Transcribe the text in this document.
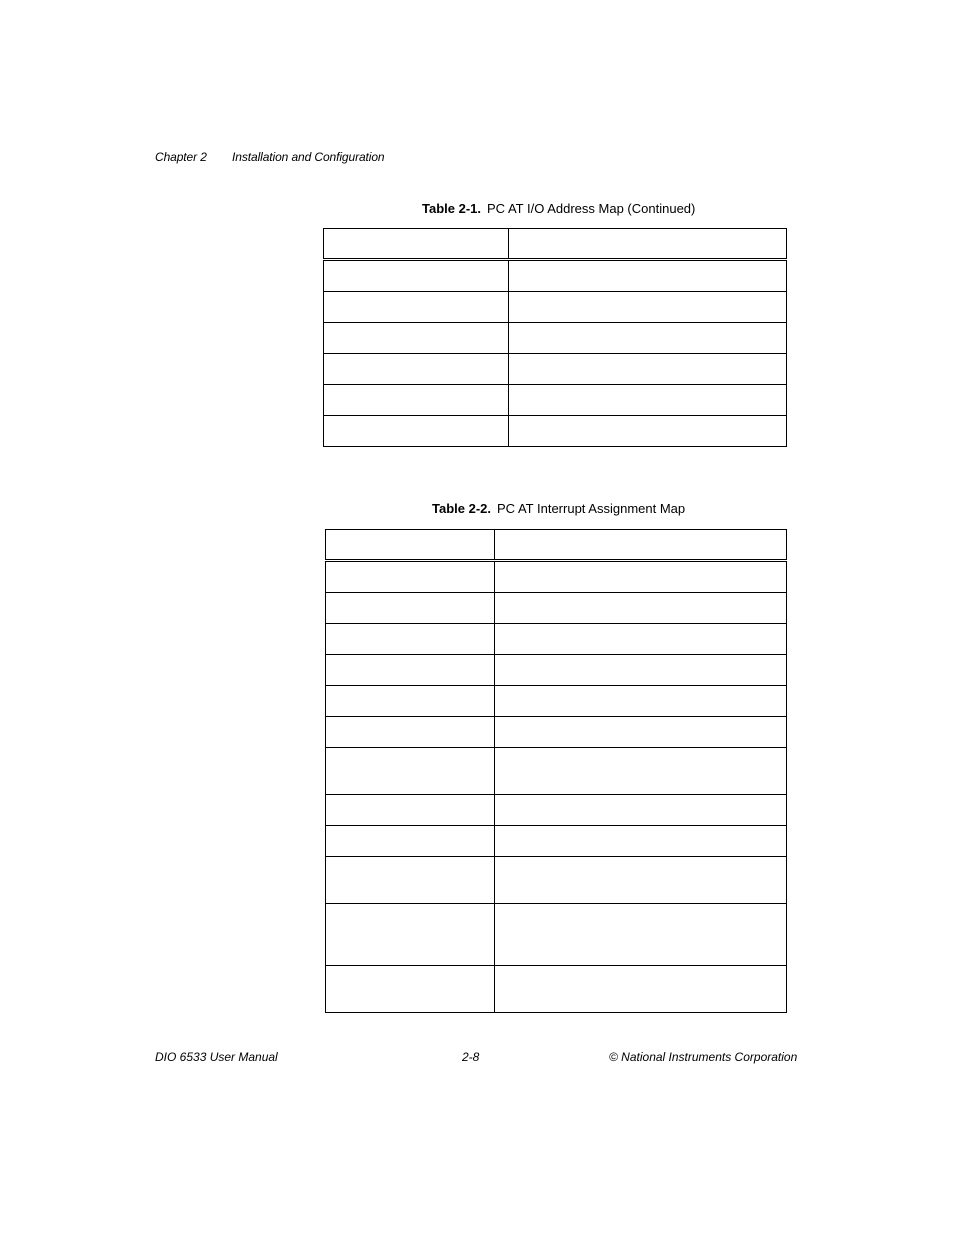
Chapter 2 Installation and Configuration
Table 2-1. PC AT I/O Address Map (Continued)

Table 2-2. PC AT Interrupt Assignment Map

DIO 6533 User Manual	2-8	© National Instruments Corporation
